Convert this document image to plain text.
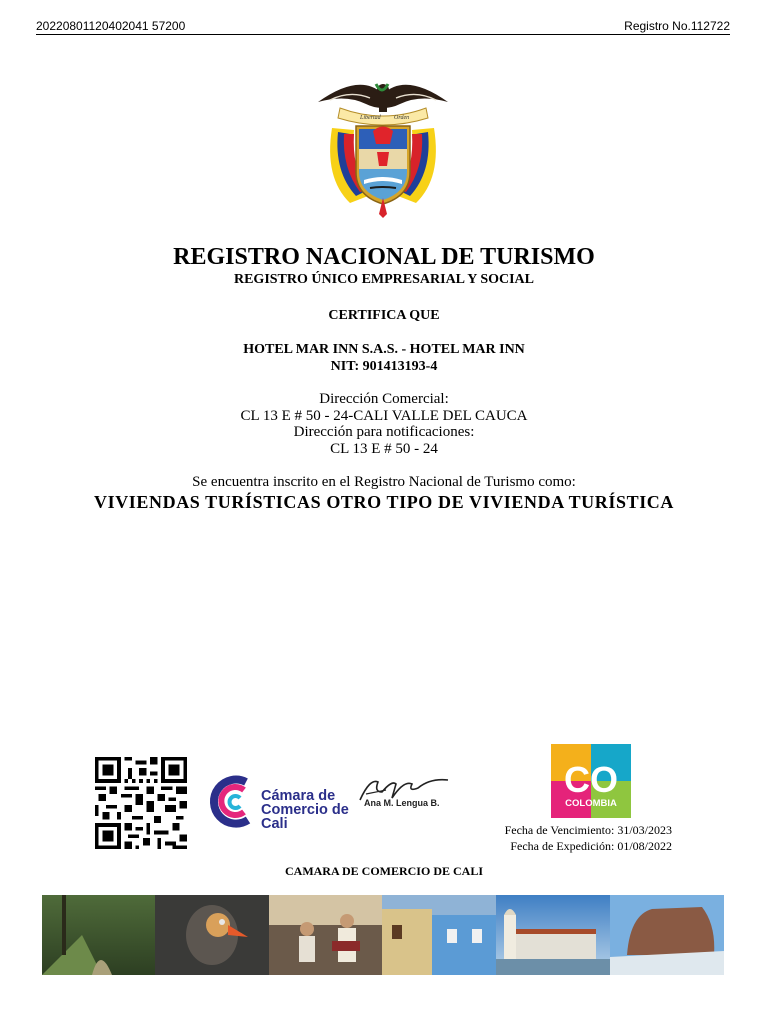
20220801120402041 57200	Registro No.112722
Libertad Orden
REGISTRO NACIONAL DE TURISMO
REGISTRO ÚNICO EMPRESARIAL Y SOCIAL
CERTIFICA QUE
HOTEL MAR INN S.A.S. - HOTEL MAR INN
NIT: 901413193-4
Dirección Comercial:
CL 13 E # 50 - 24-CALI VALLE DEL CAUCA
Dirección para notificaciones:
CL 13 E # 50 - 24
Se encuentra inscrito en el Registro Nacional de Turismo como:
VIVIENDAS TURÍSTICAS OTRO TIPO DE VIVIENDA TURÍSTICA
Cámara de
Comercio de
Cali
Ana M. Lengua B.
CO
COLOMBIA
Fecha de Vencimiento: 31/03/2023
Fecha de Expedición: 01/08/2022
CAMARA DE COMERCIO DE CALI
